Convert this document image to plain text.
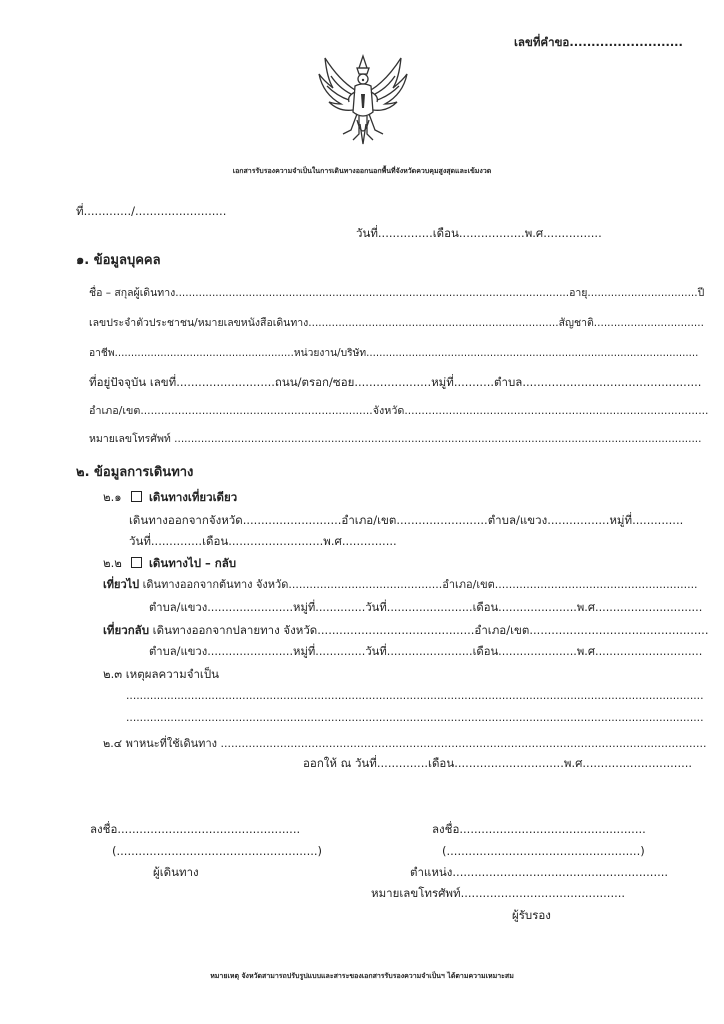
เลขที่คำขอ..........................
เอกสารรับรองความจำเป็นในการเดินทางออกนอกพื้นที่จังหวัดควบคุมสูงสุดและเข้มงวด
ที่............./.........................
วันที่...............เดือน..................พ.ศ................
๑. ข้อมูลบุคคล
ชื่อ – สกุลผู้เดินทาง......................................................................................................................อายุ.................................ปี
เลขประจำตัวประชาชน/หมายเลขหนังสือเดินทาง...........................................................................สัญชาติ.................................
อาชีพ.......................................................หน่วยงาน/บริษัท......................................................................................................
ที่อยู่ปัจจุบัน เลขที่...........................ถนน/ตรอก/ซอย.....................หมู่ที่...........ตำบล.................................................
อำเภอ/เขต....................................................................จังหวัด.........................................................................................
หมายเลขโทรศัพท์ ..............................................................................................................................................................
๒. ข้อมูลการเดินทาง
๒.๑ เดินทางเที่ยวเดียว
เดินทางออกจากจังหวัด...........................อำเภอ/เขต.........................ตำบล/แขวง.................หมู่ที่..............
วันที่..............เดือน..........................พ.ศ...............
๒.๒ เดินทางไป – กลับ
เที่ยวไป เดินทางออกจากต้นทาง จังหวัด............................................อำเภอ/เขต..........................................................
ตำบล/แขวง........................หมู่ที่..............วันที่........................เดือน......................พ.ศ..............................
เที่ยวกลับ เดินทางออกจากปลายทาง จังหวัด...........................................อำเภอ/เขต.................................................
ตำบล/แขวง........................หมู่ที่..............วันที่........................เดือน......................พ.ศ..............................
๒.๓ เหตุผลความจำเป็น
.........................................................................................................................................................................
.........................................................................................................................................................................
๒.๔ พาหนะที่ใช้เดินทาง ...........................................................................................................................................
ออกให้ ณ วันที่..............เดือน..............................พ.ศ..............................
ลงชื่อ..................................................
(.......................................................)
ผู้เดินทาง
ลงชื่อ...................................................
(.....................................................)
ตำแหน่ง...........................................................
หมายเลขโทรศัพท์.............................................
ผู้รับรอง
หมายเหตุ จังหวัดสามารถปรับรูปแบบและสาระของเอกสารรับรองความจำเป็นฯ ได้ตามความเหมาะสม
